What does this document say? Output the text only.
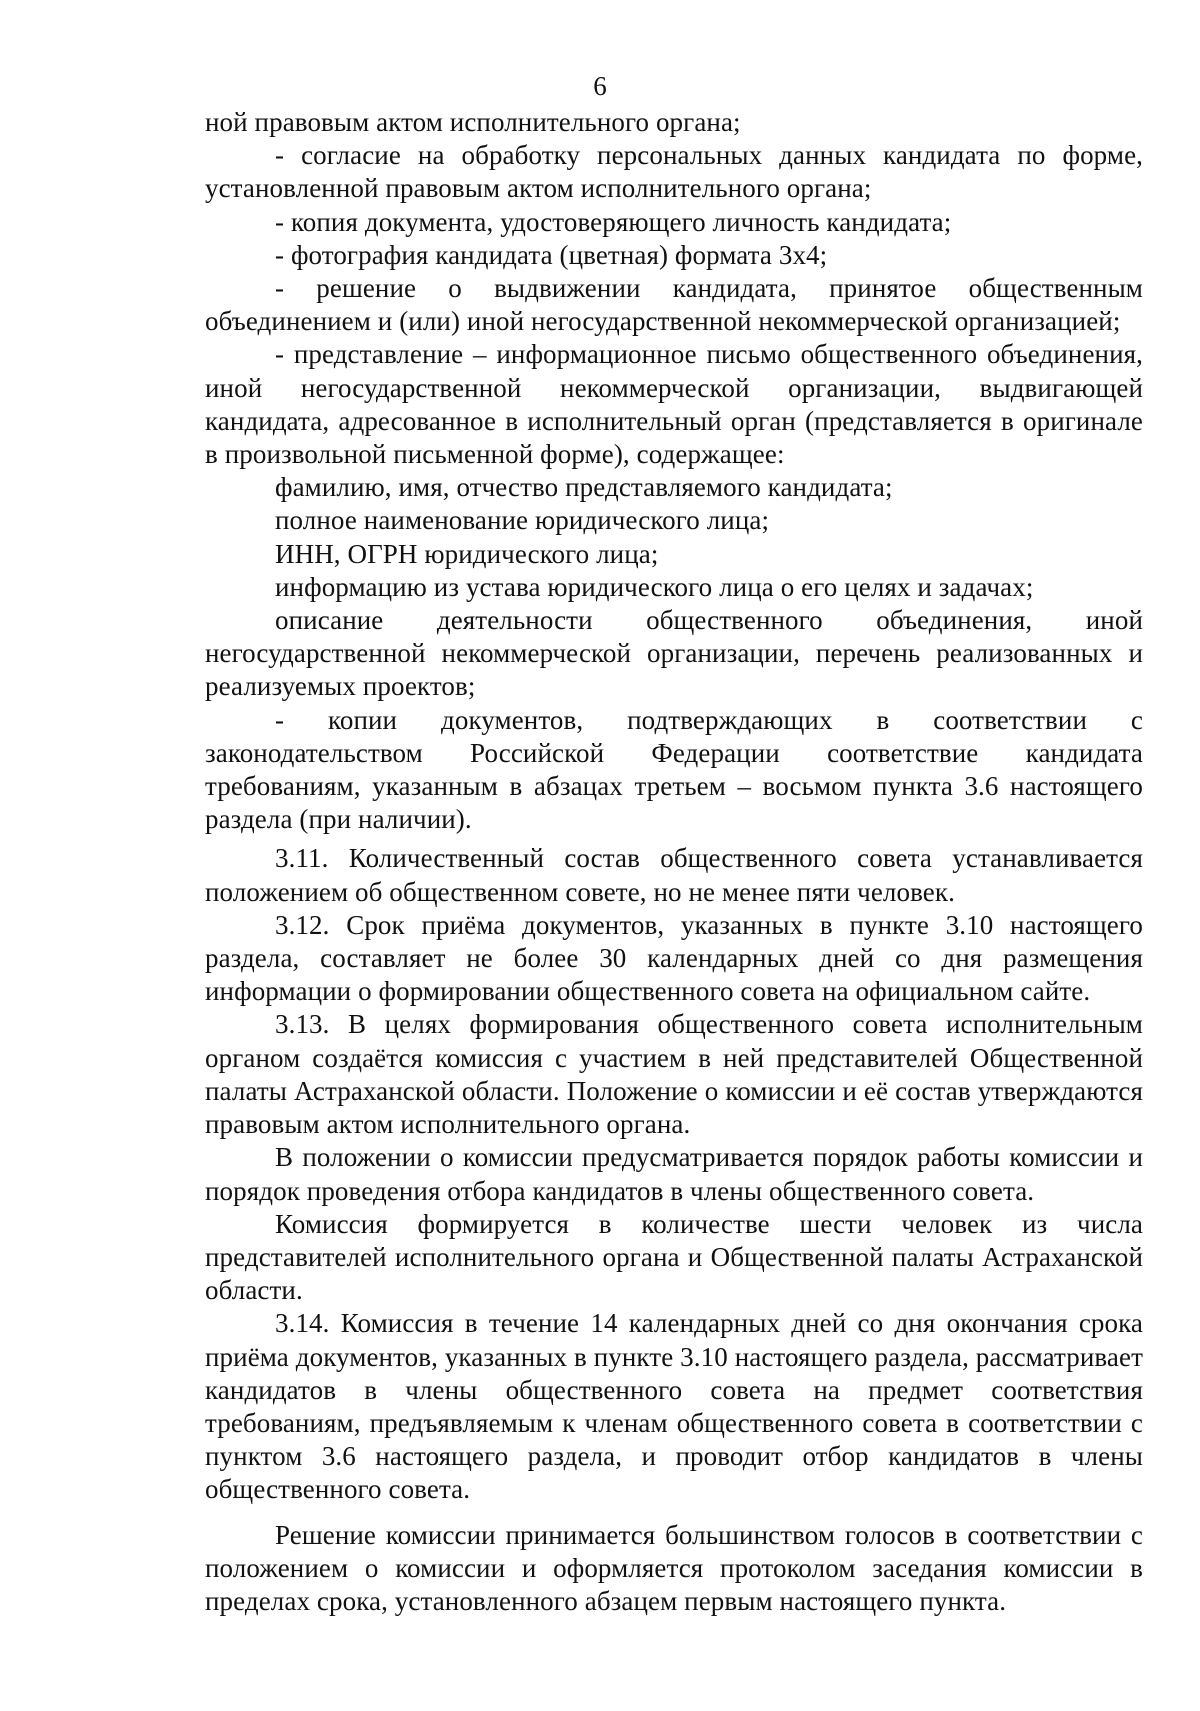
6

ной правовым актом исполнительного органа;

- согласие на обработку персональных данных кандидата по форме, установленной правовым актом исполнительного органа;

- копия документа, удостоверяющего личность кандидата;

- фотография кандидата (цветная) формата 3х4;

- решение о выдвижении кандидата, принятое общественным объединением и (или) иной негосударственной некоммерческой организацией;

- представление – информационное письмо общественного объединения, иной негосударственной некоммерческой организации, выдвигающей кандидата, адресованное в исполнительный орган (представляется в оригинале в произвольной письменной форме), содержащее:

фамилию, имя, отчество представляемого кандидата;

полное наименование юридического лица;

ИНН, ОГРН юридического лица;

информацию из устава юридического лица о его целях и задачах;

описание деятельности общественного объединения, иной негосударственной некоммерческой организации, перечень реализованных и реализуемых проектов;

- копии документов, подтверждающих в соответствии с законодательством Российской Федерации соответствие кандидата требованиям, указанным в абзацах третьем – восьмом пункта 3.6 настоящего раздела (при наличии).

3.11. Количественный состав общественного совета устанавливается положением об общественном совете, но не менее пяти человек.

3.12. Срок приёма документов, указанных в пункте 3.10 настоящего раздела, составляет не более 30 календарных дней со дня размещения информации о формировании общественного совета на официальном сайте.

3.13. В целях формирования общественного совета исполнительным органом создаётся комиссия с участием в ней представителей Общественной палаты Астраханской области. Положение о комиссии и её состав утверждаются правовым актом исполнительного органа.

В положении о комиссии предусматривается порядок работы комиссии и порядок проведения отбора кандидатов в члены общественного совета.

Комиссия формируется в количестве шести человек из числа представителей исполнительного органа и Общественной палаты Астраханской области.

3.14. Комиссия в течение 14 календарных дней со дня окончания срока приёма документов, указанных в пункте 3.10 настоящего раздела, рассматривает кандидатов в члены общественного совета на предмет соответствия требованиям, предъявляемым к членам общественного совета в соответствии с пунктом 3.6 настоящего раздела, и проводит отбор кандидатов в члены общественного совета.

Решение комиссии принимается большинством голосов в соответствии с положением о комиссии и оформляется протоколом заседания комиссии в пределах срока, установленного абзацем первым настоящего пункта.
